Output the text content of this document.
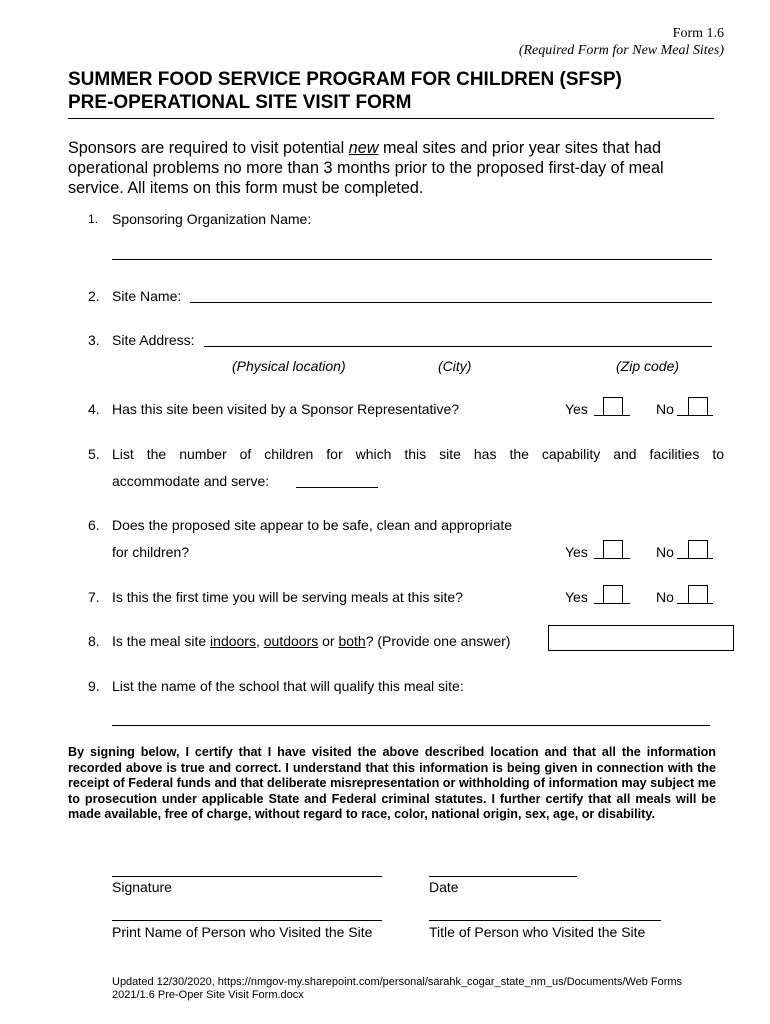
Form 1.6
(Required Form for New Meal Sites)
SUMMER FOOD SERVICE PROGRAM FOR CHILDREN (SFSP)
PRE-OPERATIONAL SITE VISIT FORM
Sponsors are required to visit potential new meal sites and prior year sites that had operational problems no more than 3 months prior to the proposed first-day of meal service. All items on this form must be completed.
1. Sponsoring Organization Name:
2. Site Name:
3. Site Address:
(Physical location)	(City)	(Zip code)
4. Has this site been visited by a Sponsor Representative?	Yes	No
5. List the number of children for which this site has the capability and facilities to
accommodate and serve:
6. Does the proposed site appear to be safe, clean and appropriate
for children?	Yes	No
7. Is this the first time you will be serving meals at this site?	Yes	No
8. Is the meal site indoors, outdoors or both? (Provide one answer)
9. List the name of the school that will qualify this meal site:
By signing below, I certify that I have visited the above described location and that all the information recorded above is true and correct. I understand that this information is being given in connection with the receipt of Federal funds and that deliberate misrepresentation or withholding of information may subject me to prosecution under applicable State and Federal criminal statutes. I further certify that all meals will be made available, free of charge, without regard to race, color, national origin, sex, age, or disability.
Signature	Date
Print Name of Person who Visited the Site	Title of Person who Visited the Site
Updated 12/30/2020, https://nmgov-my.sharepoint.com/personal/sarahk_cogar_state_nm_us/Documents/Web Forms
2021/1.6 Pre-Oper Site Visit Form.docx
